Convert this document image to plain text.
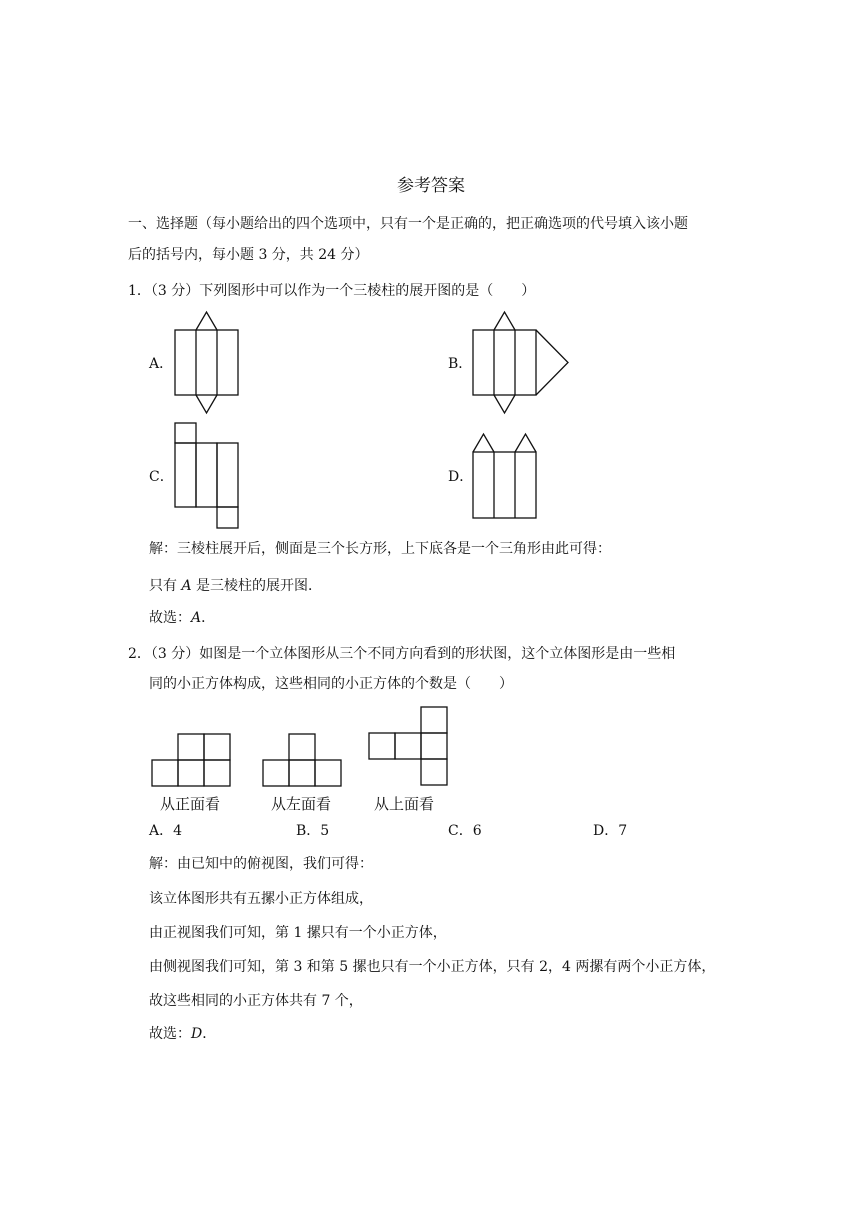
参考答案
一、选择题（每小题给出的四个选项中，只有一个是正确的，把正确选项的代号填入该小题
后的括号内，每小题 3 分，共 24 分）
1．（3 分）下列图形中可以作为一个三棱柱的展开图的是（　　）
A．	B．
C．	D．
解：三棱柱展开后，侧面是三个长方形，上下底各是一个三角形由此可得：
只有 A 是三棱柱的展开图．
故选：A．
2．（3 分）如图是一个立体图形从三个不同方向看到的形状图，这个立体图形是由一些相
同的小正方体构成，这些相同的小正方体的个数是（　　）
从正面看	从左面看	从上面看
A．4	B．5	C．6	D．7
解：由已知中的俯视图，我们可得：
该立体图形共有五摞小正方体组成，
由正视图我们可知，第 1 摞只有一个小正方体，
由侧视图我们可知，第 3 和第 5 摞也只有一个小正方体，只有 2，4 两摞有两个小正方体，
故这些相同的小正方体共有 7 个，
故选：D．
